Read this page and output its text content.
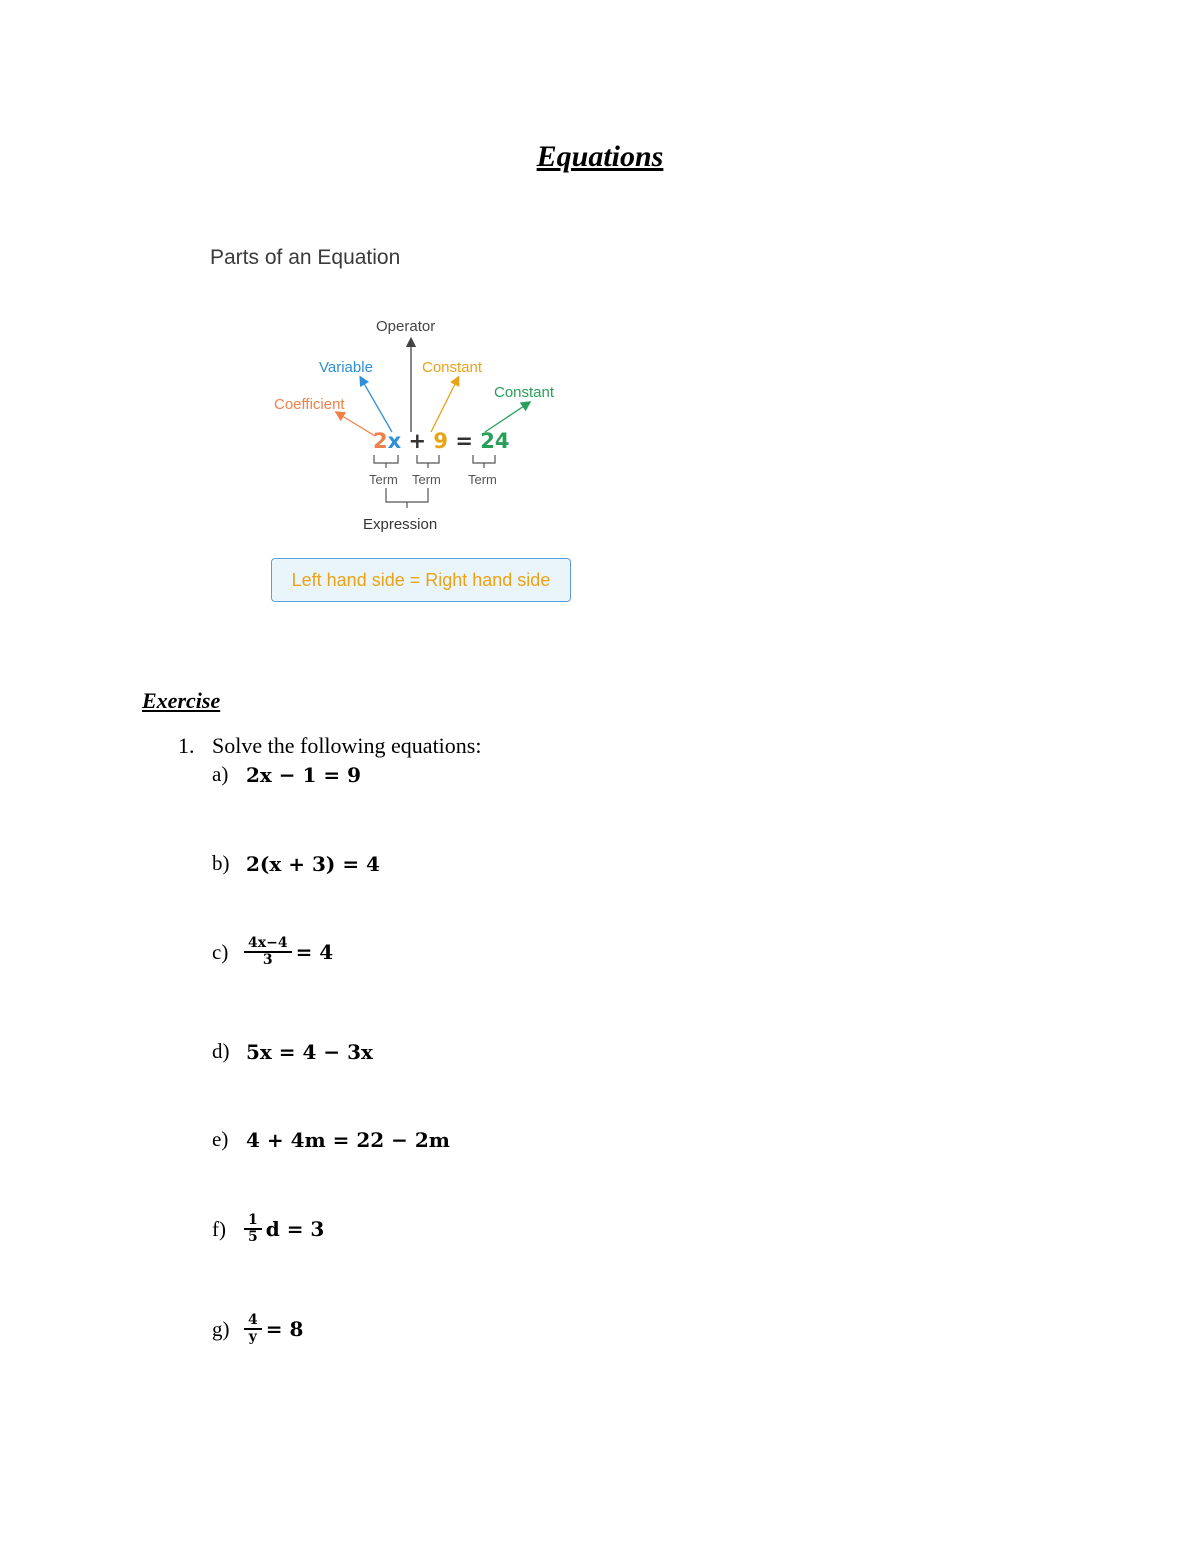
Equations
Parts of an Equation
Operator
Variable	Constant
Constant
Coefficient
2x + 9 = 24
Term Term Term
Expression
Left hand side = Right hand side
Exercise
1. Solve the following equations:
a) 2x − 1 = 9
b) 2(x + 3) = 4
c)	$\frac{4x-4}{3} = 4$
d) 5x = 4 − 3x
e) 4 + 4m = 22 − 2m
f)	$\frac{1}{5}$ d = 3
g)	$\frac{4}{y} = 8$
